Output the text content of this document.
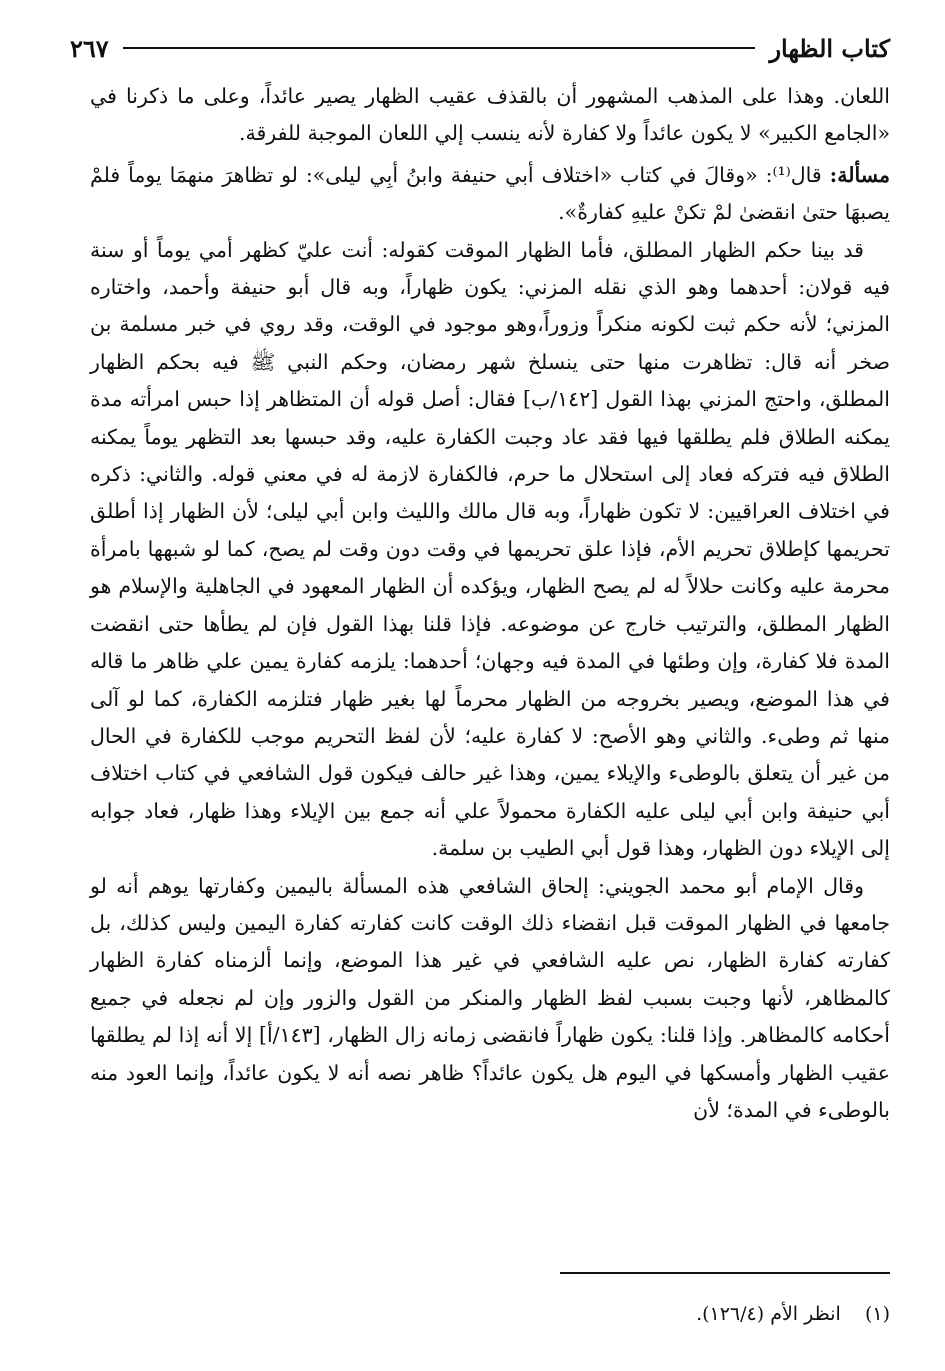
كتاب الظهار
٢٦٧

اللعان. وهذا على المذهب المشهور أن بالقذف عقيب الظهار يصير عائداً، وعلى ما ذكرنا في «الجامع الكبير» لا يكون عائداً ولا كفارة لأنه ينسب إلي اللعان الموجبة للفرقة.

مسألة: قال⁽¹⁾: «وقالَ في كتاب «اختلاف أبي حنيفة وابنُ أبِي ليلى»: لو تظاهرَ منهمَا يوماً فلمْ يصبهَا حتىٰ انقضىٰ لمْ تكنْ عليهِ كفارةٌ».

قد بينا حكم الظهار المطلق، فأما الظهار الموقت كقوله: أنت عليّ كظهر أمي يوماً أو سنة فيه قولان: أحدهما وهو الذي نقله المزني: يكون ظهاراً، وبه قال أبو حنيفة وأحمد، واختاره المزني؛ لأنه حكم ثبت لكونه منكراً وزوراً،وهو موجود في الوقت، وقد روي في خبر مسلمة بن صخر أنه قال: تظاهرت منها حتى ينسلخ شهر رمضان، وحكم النبي ﷺ فيه بحكم الظهار المطلق، واحتج المزني بهذا القول [١٤٢/ب] فقال: أصل قوله أن المتظاهر إذا حبس امرأته مدة يمكنه الطلاق فلم يطلقها فيها فقد عاد وجبت الكفارة عليه، وقد حبسها بعد التظهر يوماً يمكنه الطلاق فيه فتركه فعاد إلى استحلال ما حرم، فالكفارة لازمة له في معني قوله. والثاني: ذكره في اختلاف العراقيين: لا تكون ظهاراً، وبه قال مالك والليث وابن أبي ليلى؛ لأن الظهار إذا أطلق تحريمها كإطلاق تحريم الأم، فإذا علق تحريمها في وقت دون وقت لم يصح، كما لو شبهها بامرأة محرمة عليه وكانت حلالاً له لم يصح الظهار، ويؤكده أن الظهار المعهود في الجاهلية والإسلام هو الظهار المطلق، والترتيب خارج عن موضوعه. فإذا قلنا بهذا القول فإن لم يطأها حتى انقضت المدة فلا كفارة، وإن وطئها في المدة فيه وجهان؛ أحدهما: يلزمه كفارة يمين علي ظاهر ما قاله في هذا الموضع، ويصير بخروجه من الظهار محرماً لها بغير ظهار فتلزمه الكفارة، كما لو آلى منها ثم وطىء. والثاني وهو الأصح: لا كفارة عليه؛ لأن لفظ التحريم موجب للكفارة في الحال من غير أن يتعلق بالوطىء والإيلاء يمين، وهذا غير حالف فيكون قول الشافعي في كتاب اختلاف أبي حنيفة وابن أبي ليلى عليه الكفارة محمولاً علي أنه جمع بين الإيلاء وهذا ظهار، فعاد جوابه إلى الإيلاء دون الظهار، وهذا قول أبي الطيب بن سلمة.

وقال الإمام أبو محمد الجويني: إلحاق الشافعي هذه المسألة باليمين وكفارتها يوهم أنه لو جامعها في الظهار الموقت قبل انقضاء ذلك الوقت كانت كفارته كفارة اليمين وليس كذلك، بل كفارته كفارة الظهار، نص عليه الشافعي في غير هذا الموضع، وإنما ألزمناه كفارة الظهار كالمظاهر، لأنها وجبت بسبب لفظ الظهار والمنكر من القول والزور وإن لم نجعله في جميع أحكامه كالمظاهر. وإذا قلنا: يكون ظهاراً فانقضى زمانه زال الظهار، [١٤٣/أ] إلا أنه إذا لم يطلقها عقيب الظهار وأمسكها في اليوم هل يكون عائداً؟ ظاهر نصه أنه لا يكون عائداً، وإنما العود منه بالوطىء في المدة؛ لأن

(١)    انظر الأم (١٢٦/٤).
